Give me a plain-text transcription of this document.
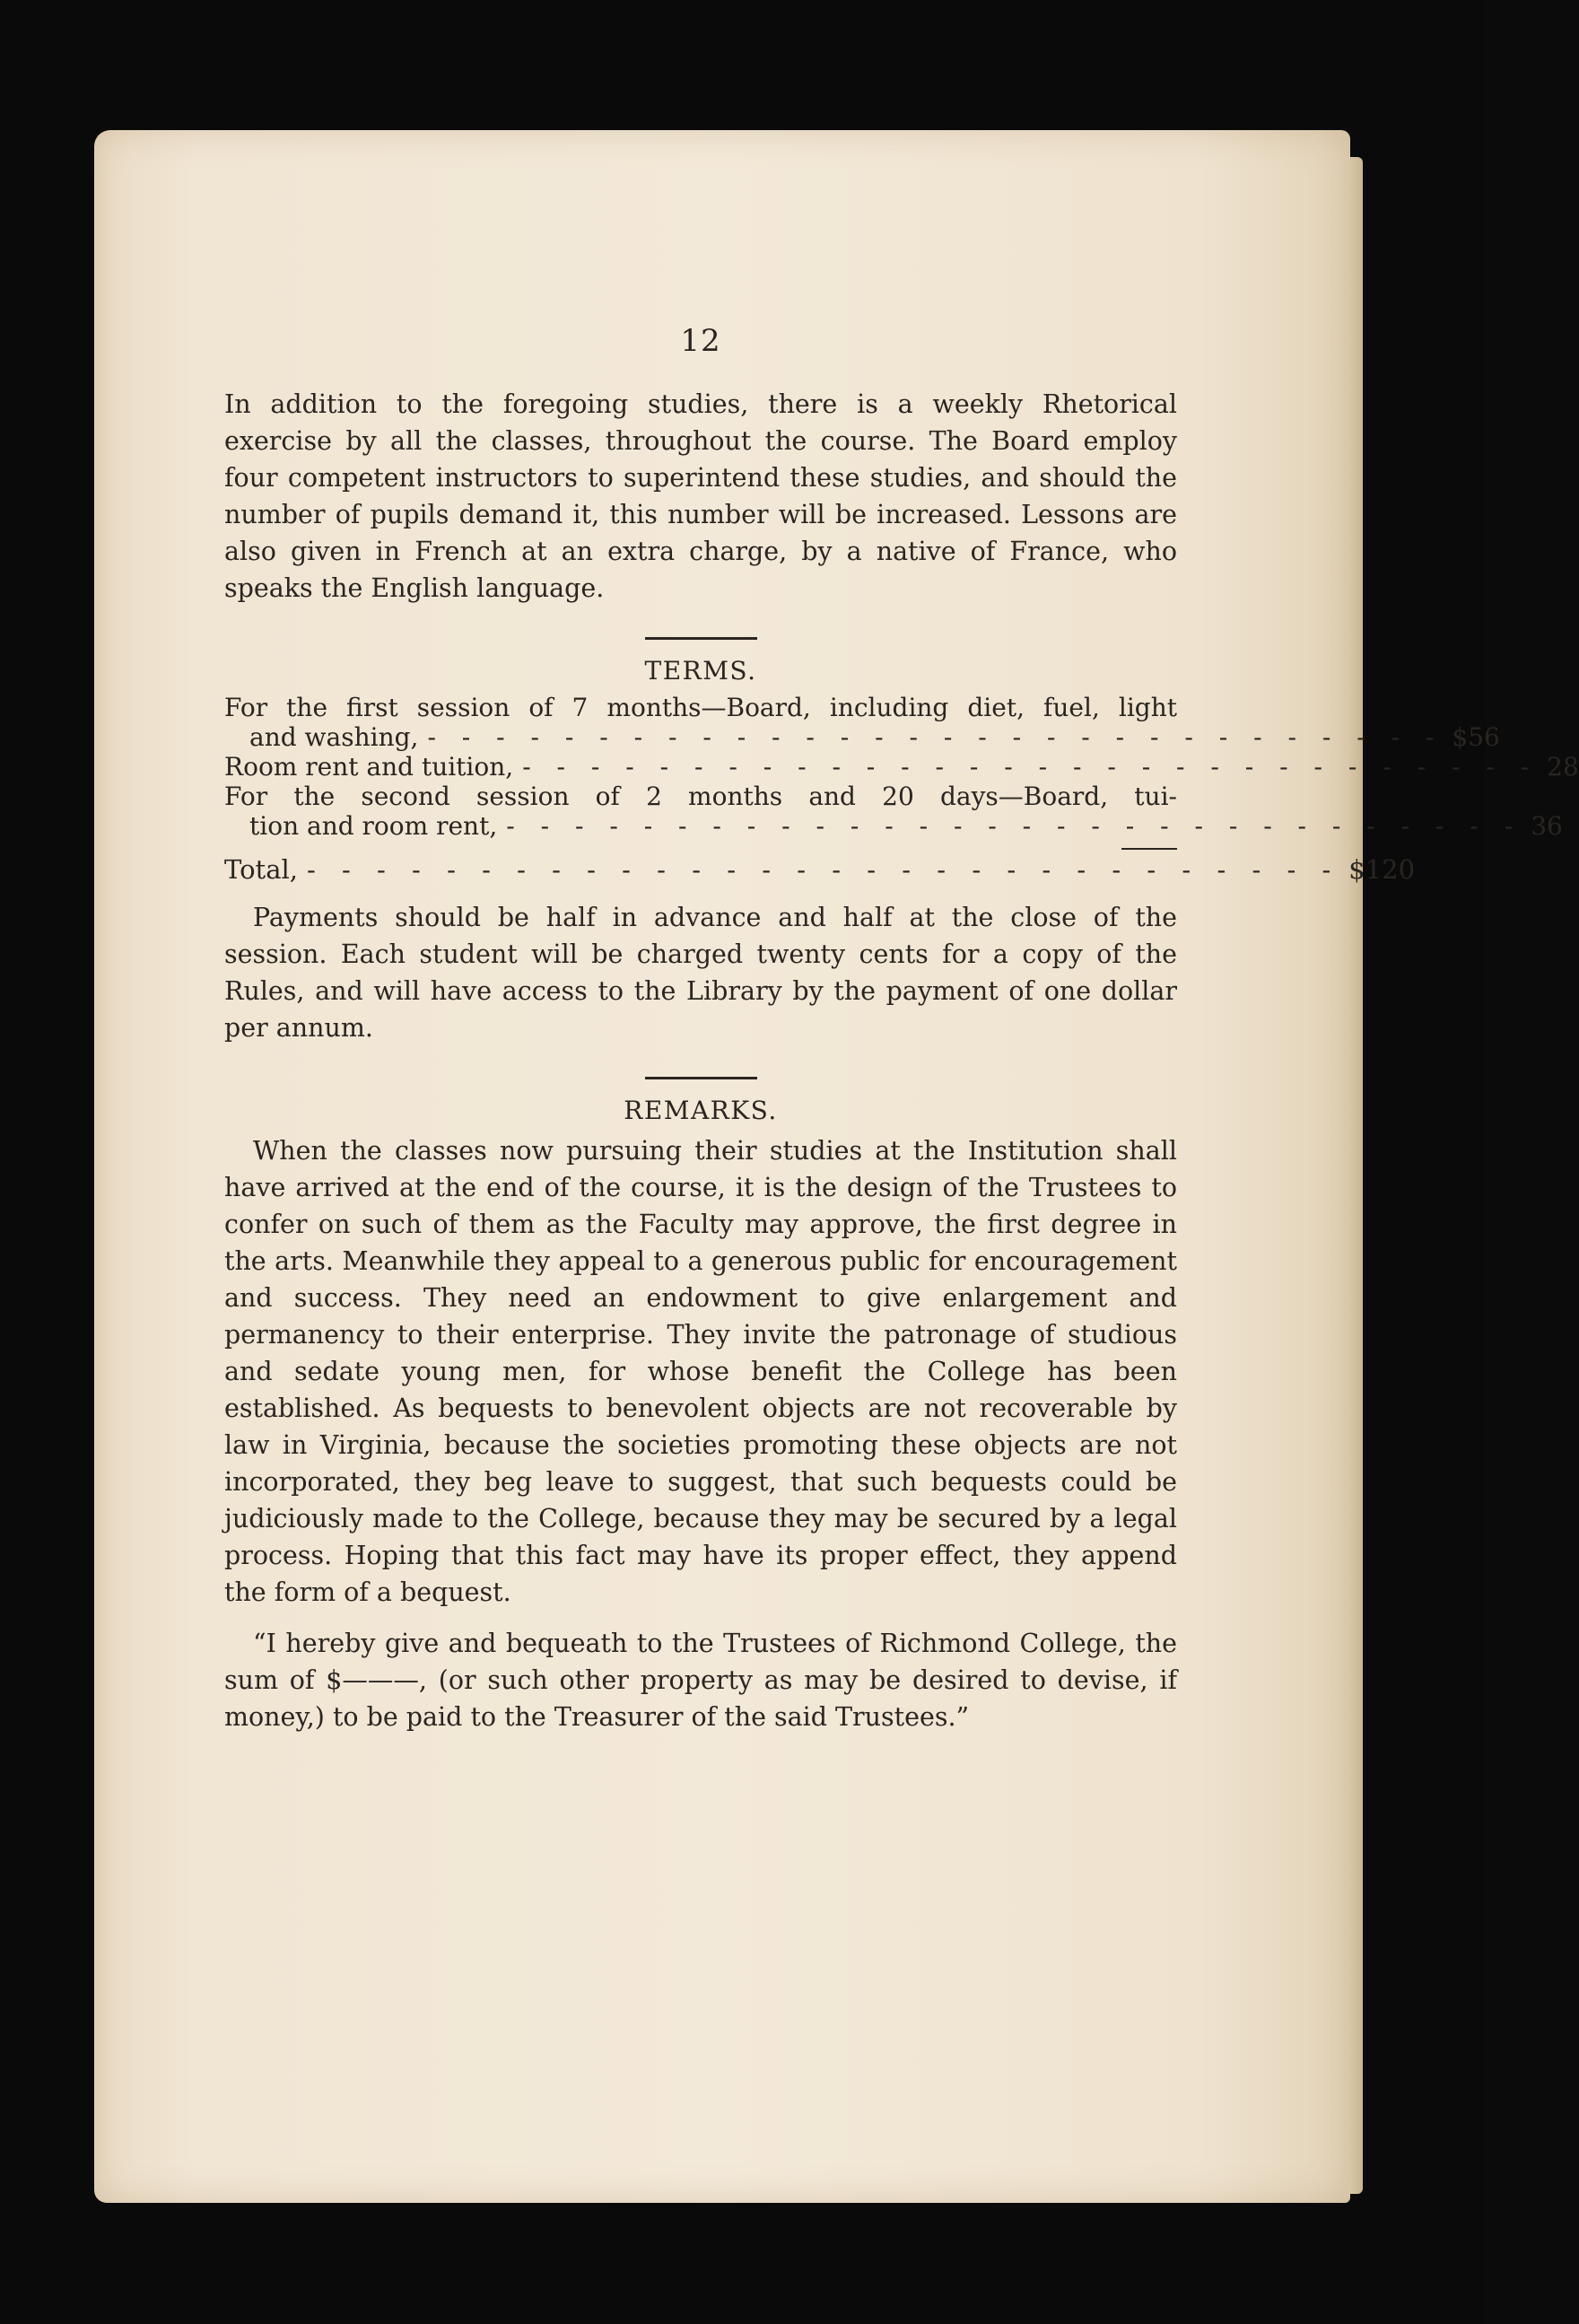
12

In addition to the foregoing studies, there is a weekly Rhetorical exercise by all the classes, throughout the course. The Board employ four competent instructors to superintend these studies, and should the number of pupils demand it, this number will be increased. Lessons are also given in French at an extra charge, by a native of France, who speaks the English language.

TERMS.
For the first session of 7 months—Board, including diet, fuel, light
and washing, - - - - - - - - - - - - - - - - - - - - - - - - - - - - - - $56
Room rent and tuition, - - - - - - - - - - - - - - - - - - - - - - - - - - - - - - 28
For the second session of 2 months and 20 days—Board, tui-
tion and room rent, - - - - - - - - - - - - - - - - - - - - - - - - - - - - - - 36
Total, - - - - - - - - - - - - - - - - - - - - - - - - - - - - - - $120

Payments should be half in advance and half at the close of the session. Each student will be charged twenty cents for a copy of the Rules, and will have access to the Library by the payment of one dollar per annum.

REMARKS.

When the classes now pursuing their studies at the Institution shall have arrived at the end of the course, it is the design of the Trustees to confer on such of them as the Faculty may approve, the first degree in the arts. Meanwhile they appeal to a generous public for encouragement and success. They need an endowment to give enlargement and permanency to their enterprise. They invite the patronage of studious and sedate young men, for whose benefit the College has been established. As bequests to benevolent objects are not recoverable by law in Virginia, because the societies promoting these objects are not incorporated, they beg leave to suggest, that such bequests could be judiciously made to the College, because they may be secured by a legal process. Hoping that this fact may have its proper effect, they append the form of a bequest.

“I hereby give and bequeath to the Trustees of Richmond College, the sum of $———, (or such other property as may be desired to devise, if money,) to be paid to the Treasurer of the said Trustees.”
